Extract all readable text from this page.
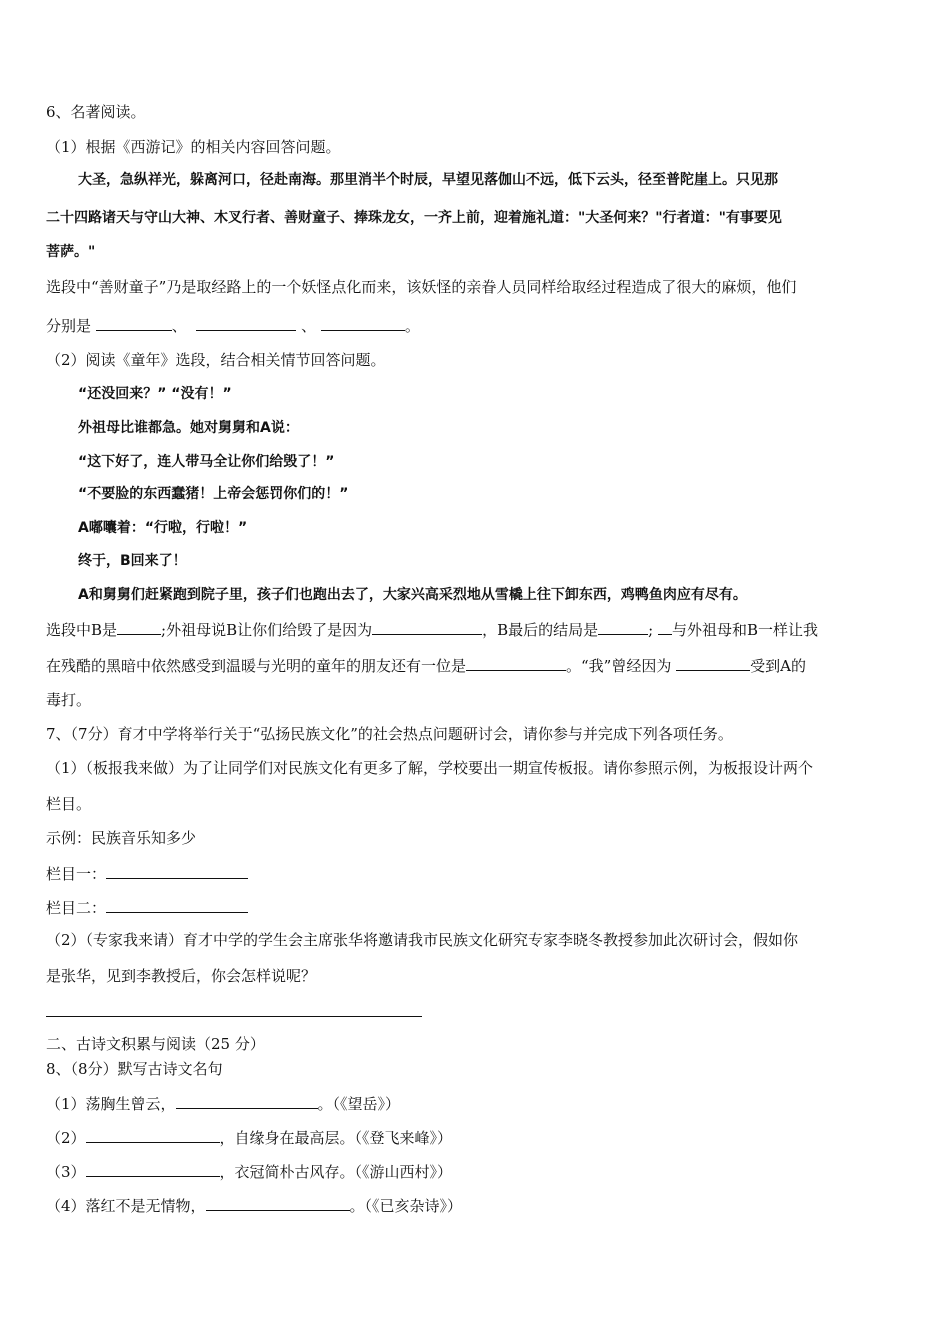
6、名著阅读。
（1）根据《西游记》的相关内容回答问题。
大圣，急纵祥光，躲离河口，径赴南海。那里消半个时辰，早望见落伽山不远，低下云头，径至普陀崖上。只见那
二十四路诸天与守山大神、木叉行者、善财童子、捧珠龙女，一齐上前，迎着施礼道："大圣何来？"行者道："有事要见
菩萨。"
选段中“善财童子”乃是取经路上的一个妖怪点化而来，该妖怪的亲眷人员同样给取经过程造成了很大的麻烦，他们
分别是	、	、	。
（2）阅读《童年》选段，结合相关情节回答问题。
“还没回来？” “没有！”
外祖母比谁都急。她对舅舅和A说：
“这下好了，连人带马全让你们给毁了！”
“不要脸的东西蠢猪！上帝会惩罚你们的！”
A嘟囔着：“行啦，行啦！”
终于，B回来了！
A和舅舅们赶紧跑到院子里，孩子们也跑出去了，大家兴高采烈地从雪橇上往下卸东西，鸡鸭鱼肉应有尽有。
选段中B是	;外祖母说B让你们给毁了是因为	，B最后的结局是	; 与外祖母和B一样让我
在残酷的黑暗中依然感受到温暖与光明的童年的朋友还有一位是	。“我”曾经因为	受到A的
毒打。
7、（7分）育才中学将举行关于“弘扬民族文化”的社会热点问题研讨会，请你参与并完成下列各项任务。
（1）（板报我来做）为了让同学们对民族文化有更多了解，学校要出一期宣传板报。请你参照示例，为板报设计两个
栏目。
示例：民族音乐知多少
栏目一：
栏目二：
（2）（专家我来请）育才中学的学生会主席张华将邀请我市民族文化研究专家李晓冬教授参加此次研讨会，假如你
是张华，见到李教授后，你会怎样说呢？
二、古诗文积累与阅读（25 分）
8、（8分）默写古诗文名句
（1）荡胸生曾云，	。（《望岳》）
（2）	，自缘身在最高层。（《登飞来峰》）
（3）	，衣冠简朴古风存。（《游山西村》）
（4）落红不是无情物，	。（《已亥杂诗》）
